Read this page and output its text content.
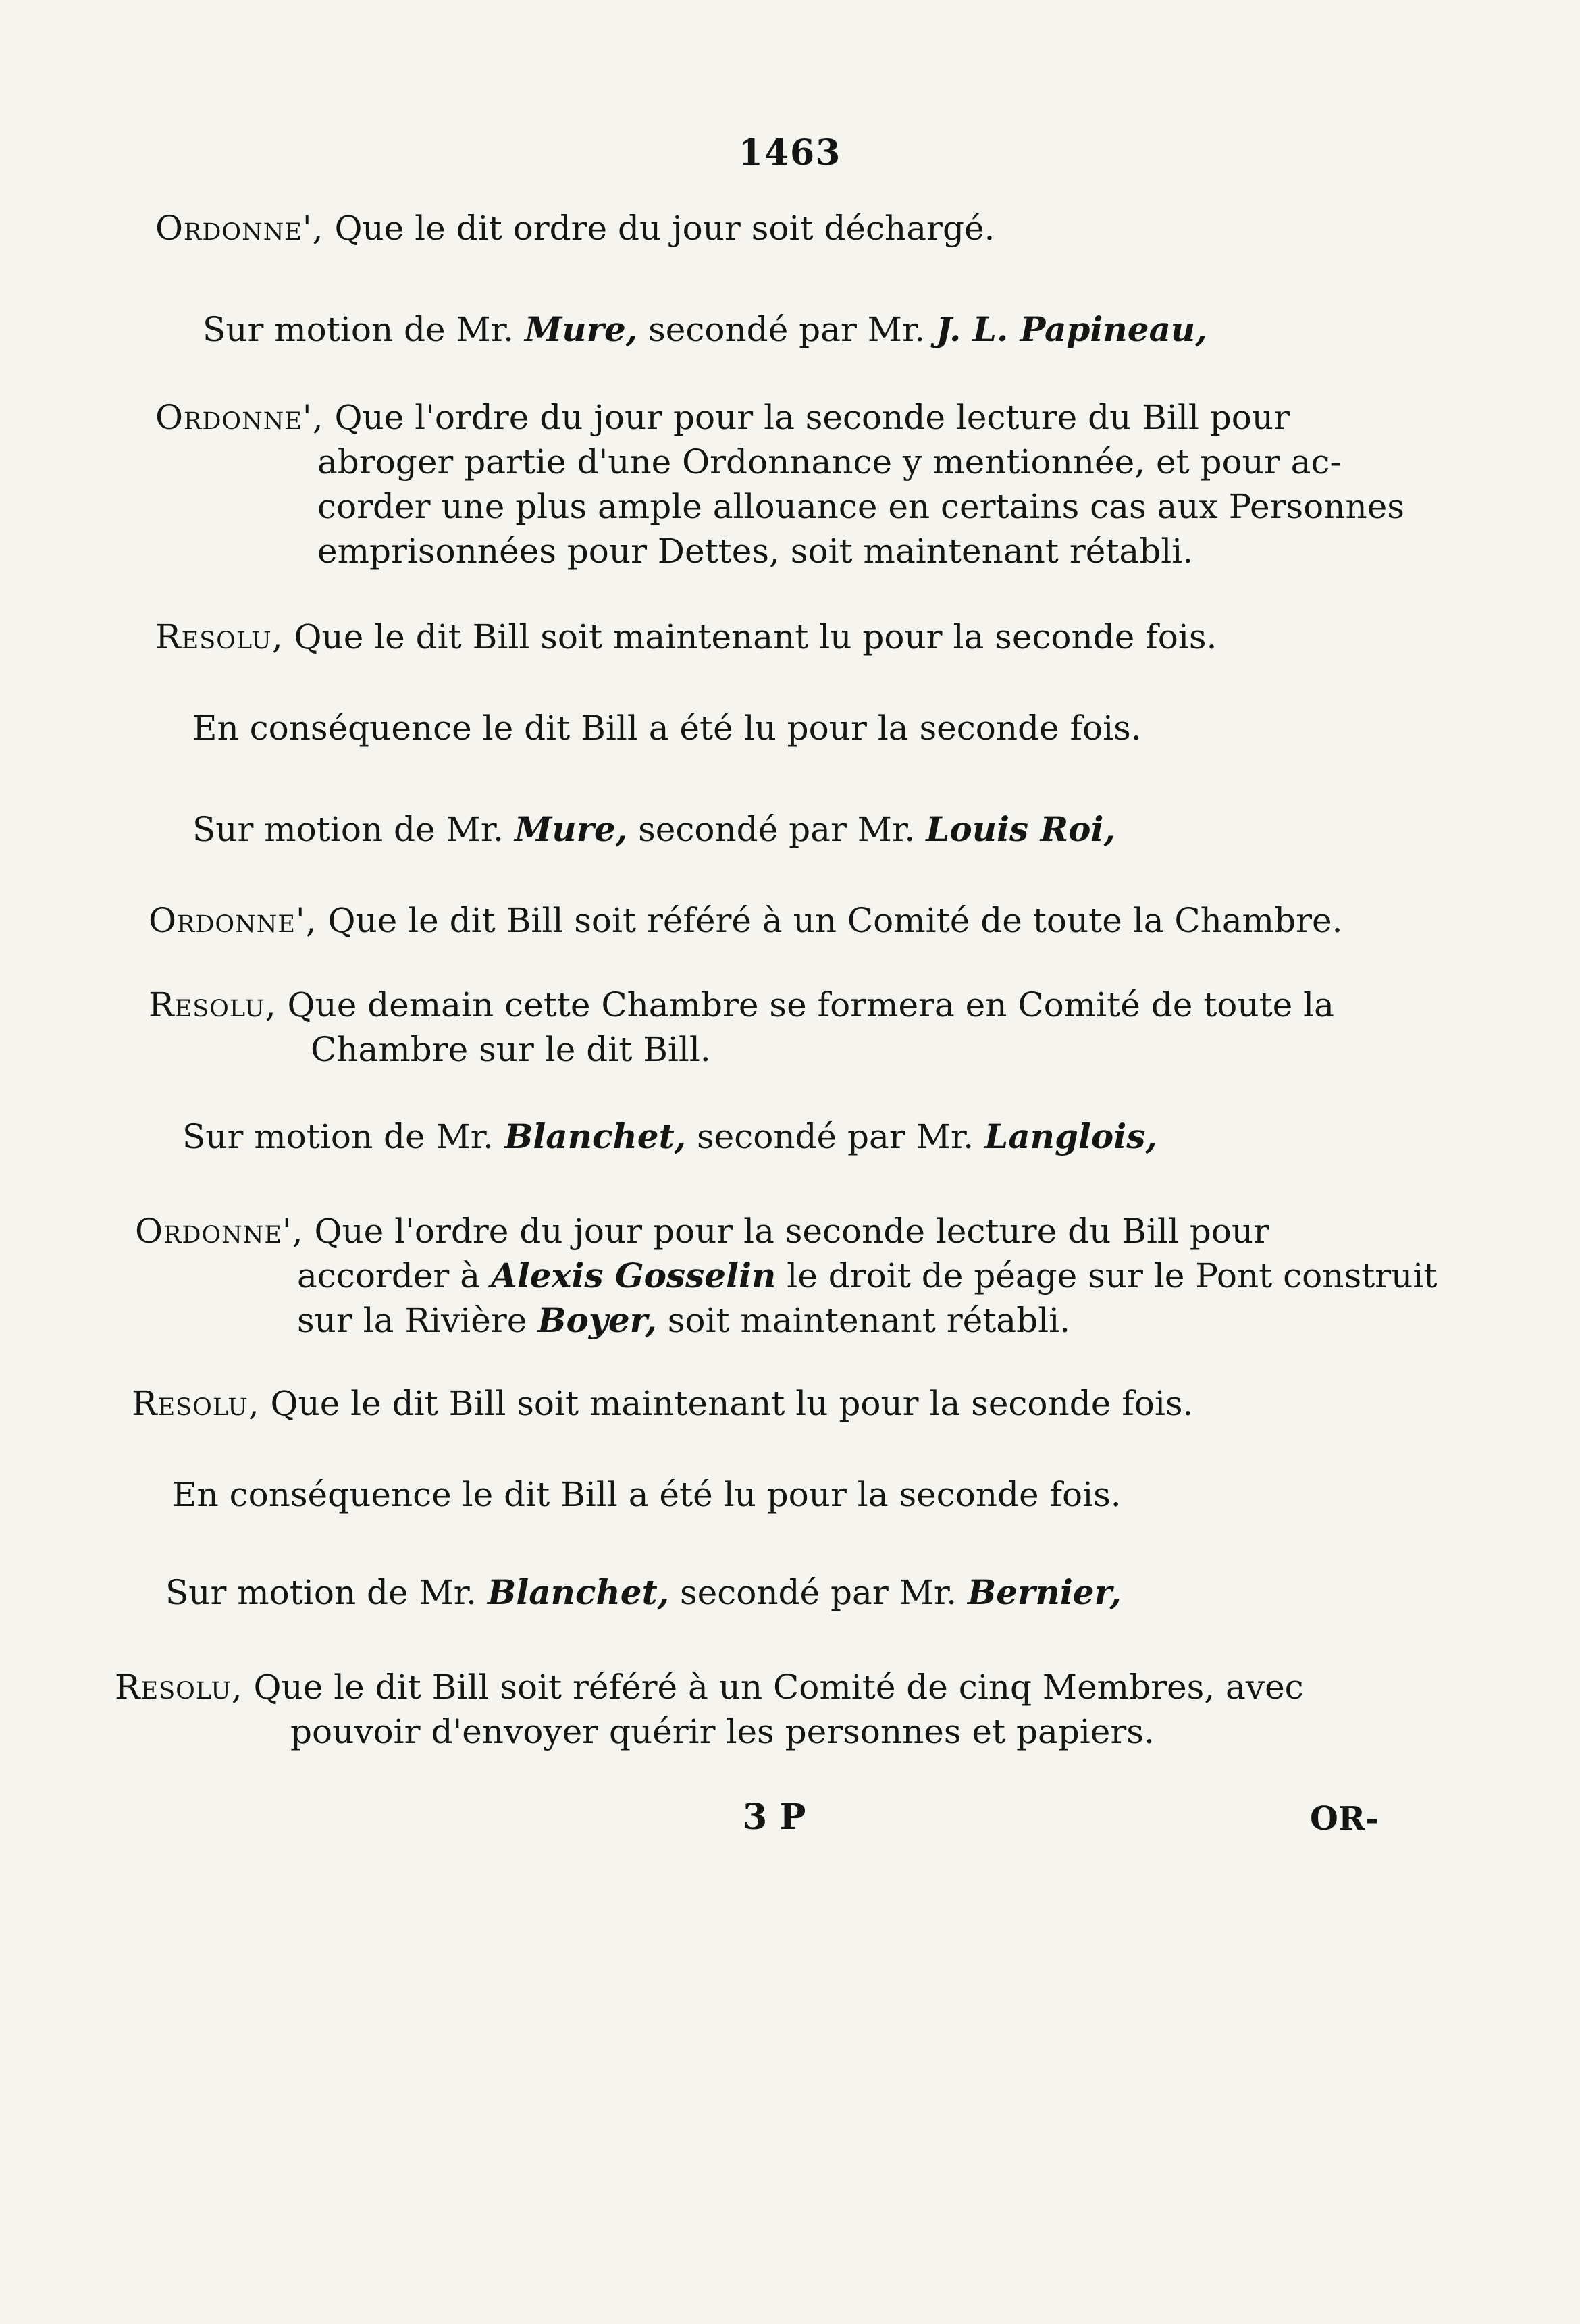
1463
Ordonne', Que le dit ordre du jour soit déchargé.
Sur motion de Mr. Mure, secondé par Mr. J. L. Papineau,
Ordonne', Que l'ordre du jour pour la seconde lecture du Bill pour
abroger partie d'une Ordonnance y mentionnée, et pour ac-
corder une plus ample allouance en certains cas aux Personnes
emprisonnées pour Dettes, soit maintenant rétabli.
Resolu, Que le dit Bill soit maintenant lu pour la seconde fois.
En conséquence le dit Bill a été lu pour la seconde fois.
Sur motion de Mr. Mure, secondé par Mr. Louis Roi,
Ordonne', Que le dit Bill soit référé à un Comité de toute la Chambre.
Resolu, Que demain cette Chambre se formera en Comité de toute la
Chambre sur le dit Bill.
Sur motion de Mr. Blanchet, secondé par Mr. Langlois,
Ordonne', Que l'ordre du jour pour la seconde lecture du Bill pour
accorder à Alexis Gosselin le droit de péage sur le Pont construit
sur la Rivière Boyer, soit maintenant rétabli.
Resolu, Que le dit Bill soit maintenant lu pour la seconde fois.
En conséquence le dit Bill a été lu pour la seconde fois.
Sur motion de Mr. Blanchet, secondé par Mr. Bernier,
Resolu, Que le dit Bill soit référé à un Comité de cinq Membres, avec
pouvoir d'envoyer quérir les personnes et papiers.
3 P	OR-
